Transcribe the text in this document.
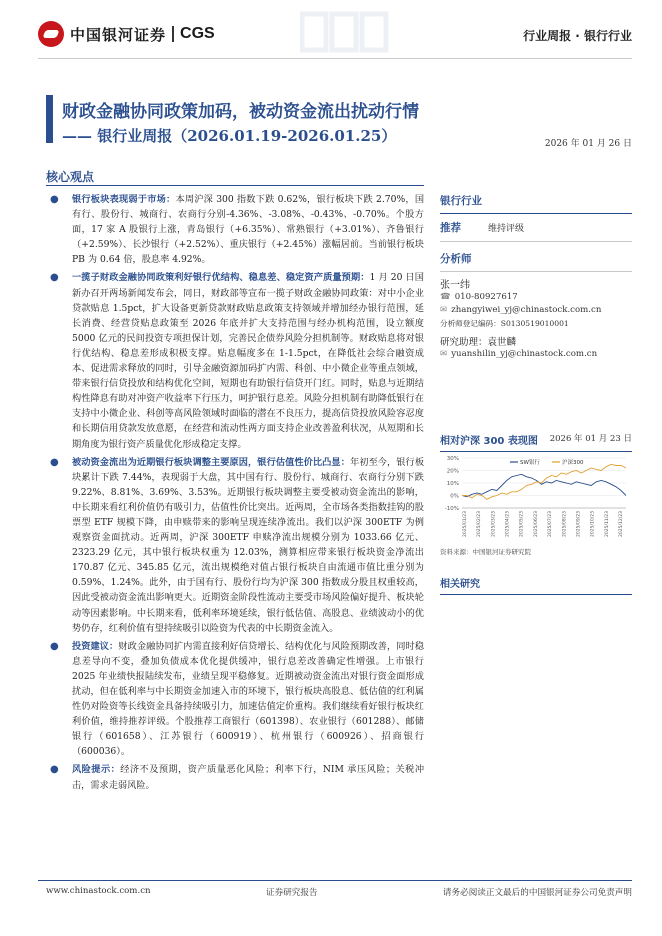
中国银河证券 CGS	行业周报 · 银行行业
财政金融协同政策加码，被动资金流出扰动行情
—— 银行业周报（2026.01.19-2026.01.25）	2026 年 01 月 26 日
核心观点
● 银行板块表现弱于市场：本周沪深 300 指数下跌 0.62%，银行板块下跌 2.70%，国有行、股份行、城商行、农商行分别-4.36%、-3.08%、-0.43%、-0.70%。个股方面，17 家 A 股银行上涨，青岛银行（+6.35%）、常熟银行（+3.01%）、齐鲁银行（+2.59%）、长沙银行（+2.52%）、重庆银行（+2.45%）涨幅居前。当前银行板块 PB 为 0.64 倍，股息率 4.92%。
● 一揽子财政金融协同政策利好银行优结构、稳息差、稳定资产质量预期：1 月 20 日国新办召开两场新闻发布会，同日，财政部等宣布一揽子财政金融协同政策：对中小企业贷款贴息 1.5pct，扩大设备更新贷款财政贴息政策支持领域并增加经办银行范围，延长消费、经营贷贴息政策至 2026 年底并扩大支持范围与经办机构范围，设立额度 5000 亿元的民间投资专项担保计划，完善民企债券风险分担机制等。财政贴息将对银行优结构、稳息差形成积极支撑。贴息幅度多在 1-1.5pct，在降低社会综合融资成本、促进需求释放的同时，引导金融资源加码扩内需、科创、中小微企业等重点领域，带来银行信贷投放和结构优化空间，短期也有助银行信贷开门红。同时，贴息与近期结构性降息有助对冲资产收益率下行压力，呵护银行息差。风险分担机制有助降低银行在支持中小微企业、科创等高风险领域时面临的潜在不良压力，提高信贷投放风险容忍度和长期信用贷款发放意愿，在经营和流动性两方面支持企业改善盈利状况，从短期和长期角度为银行资产质量优化形成稳定支撑。
● 被动资金流出为近期银行板块调整主要原因，银行估值性价比凸显：年初至今，银行板块累计下跌 7.44%，表现弱于大盘，其中国有行、股份行、城商行、农商行分别下跌 9.22%、8.81%、3.69%、3.53%。近期银行板块调整主要受被动资金流出的影响，中长期来看红利价值仍有吸引力，估值性价比突出。近两周，全市场各类指数挂钩的股票型 ETF 规模下降，由申赎带来的影响呈现连续净流出。我们以沪深 300ETF 为例观察资金面扰动。近两周，沪深 300ETF 申赎净流出规模分别为 1033.66 亿元、2323.29 亿元，其中银行板块权重为 12.03%，测算相应带来银行板块资金净流出 170.87 亿元、345.85 亿元，流出规模绝对值占银行板块自由流通市值比重分别为 0.59%、1.24%。此外，由于国有行、股份行均为沪深 300 指数成分股且权重较高，因此受被动资金流出影响更大。近期资金阶段性流动主要受市场风险偏好提升、板块轮动等因素影响。中长期来看，低利率环境延续，银行低估值、高股息、业绩波动小的优势仍存，红利价值有望持续吸引以险资为代表的中长期资金流入。
● 投资建议：财政金融协同扩内需直接利好信贷增长、结构优化与风险预期改善，同时稳息差导向不变，叠加负债成本优化提供缓冲，银行息差改善确定性增强。上市银行 2025 年业绩快报陆续发布，业绩呈现平稳修复。近期被动资金流出对银行资金面形成扰动，但在低利率与中长期资金加速入市的环境下，银行板块高股息、低估值的红利属性仍对险资等长线资金具备持续吸引力，加速估值定价重构。我们继续看好银行板块红利价值，维持推荐评级。个股推荐工商银行（601398）、农业银行（601288）、邮储银行（601658）、江苏银行（600919）、杭州银行（600926）、招商银行（600036）。
● 风险提示：经济不及预期，资产质量恶化风险；利率下行，NIM 承压风险；关税冲击，需求走弱风险。
银行行业
推荐	维持评级
分析师
张一纬
☎ 010-80927617
✉ zhangyiwei_yj@chinastock.com.cn
分析师登记编码：S0130519010001
研究助理：袁世麟
✉ yuanshilin_yj@chinastock.com.cn
相对沪深 300 表现图 2026 年 01 月 23 日
30%
20%
10%
0%
-10%
2025/01/23 2025/02/23 2025/03/23 2025/04/23 2025/05/23 2025/06/23 2025/07/23 2025/08/23 2025/09/23 2025/10/23 2025/11/23 2025/12/23
SW银行	沪深300
资料来源：中国银河证券研究院
相关研究
www.chinastock.com.cn	证券研究报告	请务必阅读正文最后的中国银河证券公司免责声明
